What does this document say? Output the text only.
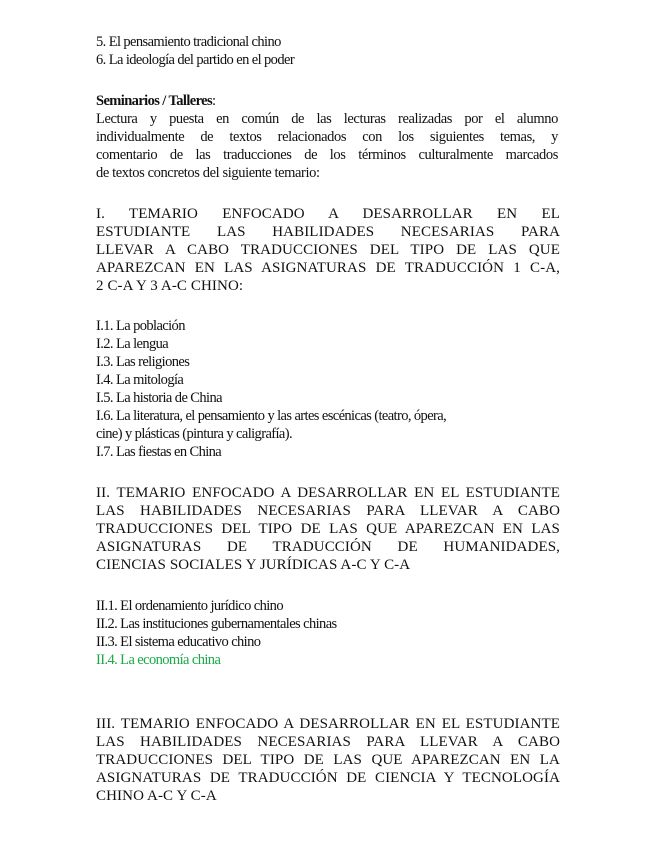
5. El pensamiento tradicional chino
6. La ideología del partido en el poder
Seminarios / Talleres:
Lectura y puesta en común de las lecturas realizadas por el alumno
individualmente de textos relacionados con los siguientes temas, y
comentario de las traducciones de los términos culturalmente marcados
de textos concretos del siguiente temario:
I. TEMARIO ENFOCADO A DESARROLLAR EN EL
ESTUDIANTE LAS HABILIDADES NECESARIAS PARA
LLEVAR A CABO TRADUCCIONES DEL TIPO DE LAS QUE
APAREZCAN EN LAS ASIGNATURAS DE TRADUCCIÓN 1 C-A,
2 C-A Y 3 A-C CHINO:
I.1. La población
I.2. La lengua
I.3. Las religiones
I.4. La mitología
I.5. La historia de China
I.6. La literatura, el pensamiento y las artes escénicas (teatro, ópera,
cine) y plásticas (pintura y caligrafía).
I.7. Las fiestas en China
II. TEMARIO ENFOCADO A DESARROLLAR EN EL ESTUDIANTE
LAS HABILIDADES NECESARIAS PARA LLEVAR A CABO
TRADUCCIONES DEL TIPO DE LAS QUE APAREZCAN EN LAS
ASIGNATURAS DE TRADUCCIÓN DE HUMANIDADES,
CIENCIAS SOCIALES Y JURÍDICAS A-C Y C-A
II.1. El ordenamiento jurídico chino
II.2. Las instituciones gubernamentales chinas
II.3. El sistema educativo chino
II.4. La economía china
III. TEMARIO ENFOCADO A DESARROLLAR EN EL ESTUDIANTE
LAS HABILIDADES NECESARIAS PARA LLEVAR A CABO
TRADUCCIONES DEL TIPO DE LAS QUE APAREZCAN EN LA
ASIGNATURAS DE TRADUCCIÓN DE CIENCIA Y TECNOLOGÍA
CHINO A-C Y C-A
